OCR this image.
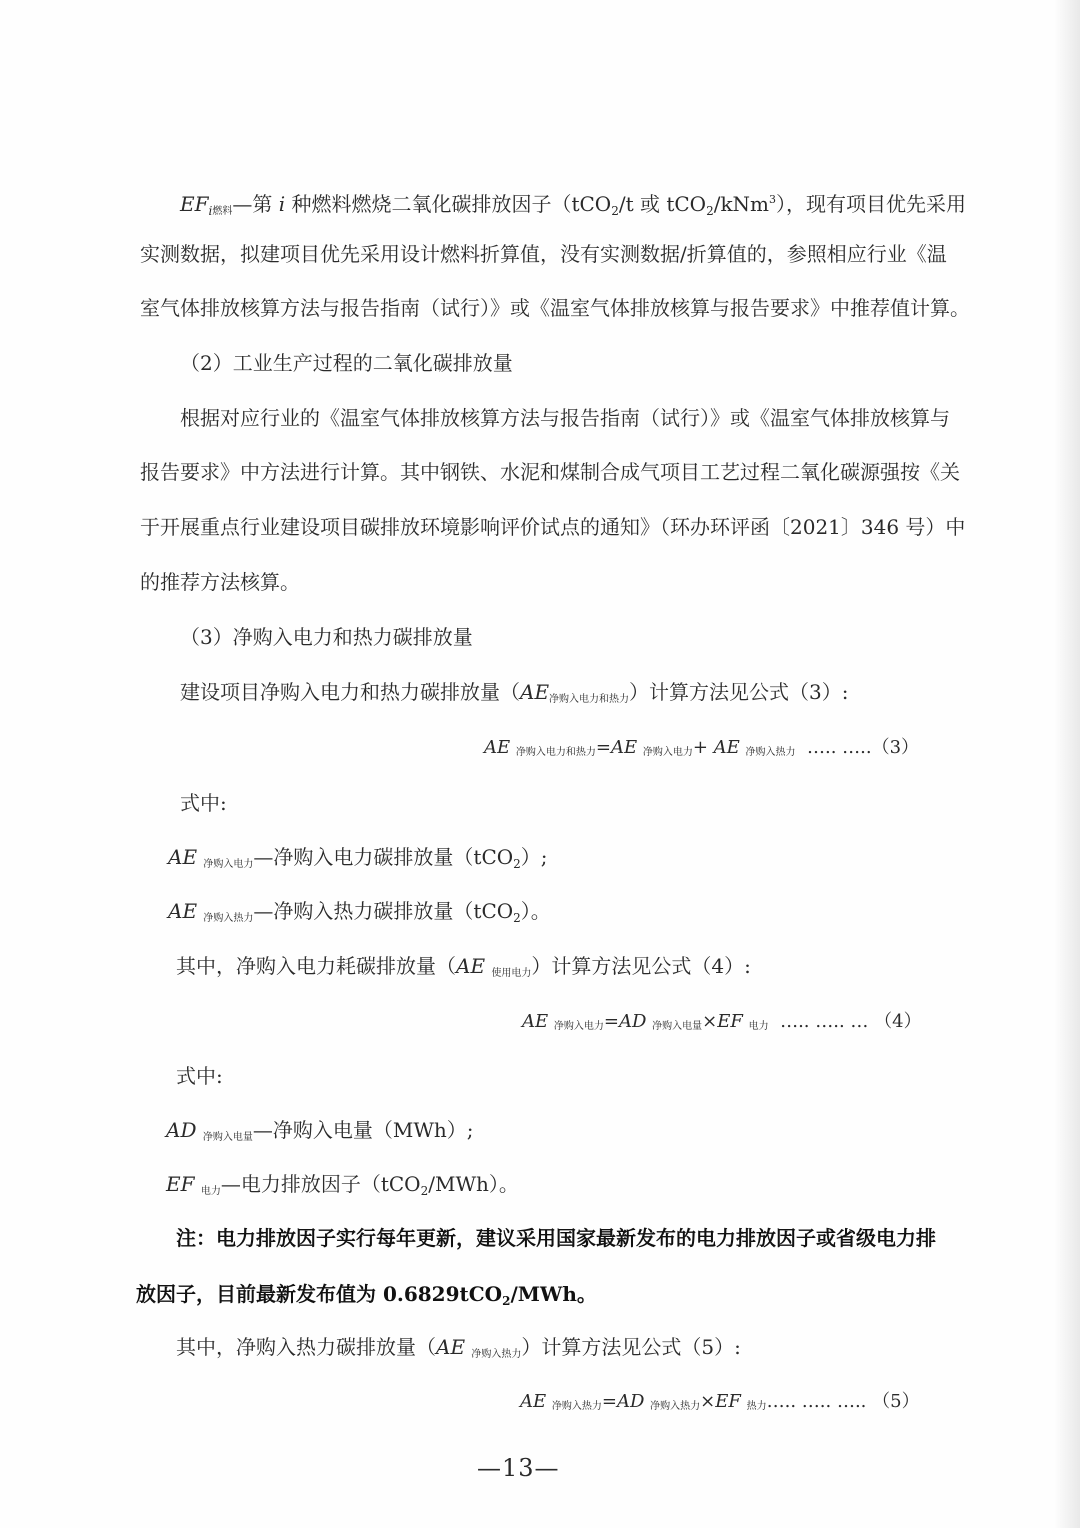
$EF_{i燃料}—$第 i 种燃料燃烧二氧化碳排放因子（tCO$_2$/t 或 tCO$_2$/kNm$^3$），现有项目优先采用

实测数据，拟建项目优先采用设计燃料折算值，没有实测数据/折算值的，参照相应行业《温

室气体排放核算方法与报告指南（试行）》或《温室气体排放核算与报告要求》中推荐值计算。

（2）工业生产过程的二氧化碳排放量

根据对应行业的《温室气体排放核算方法与报告指南（试行）》或《温室气体排放核算与

报告要求》中方法进行计算。其中钢铁、水泥和煤制合成气项目工艺过程二氧化碳源强按《关

于开展重点行业建设项目碳排放环境影响评价试点的通知》（环办环评函〔2021〕346 号）中

的推荐方法核算。

（3）净购入电力和热力碳排放量

建设项目净购入电力和热力碳排放量$(AE_{净购入电力和热力})$计算方法见公式（3）:

AE $_{净购入电力和热力}$=AE $_{净购入电力}$+ AE $_{净购入热力}$ ….. …..（3）

式中:

AE $_{净购入电力}$—净购入电力碳排放量（tCO$_2$）;

AE $_{净购入热力}$—净购入热力碳排放量（tCO$_2$）。

其中，净购入电力耗碳排放量（AE $_{使用电力}$）计算方法见公式（4）:

AE $_{净购入电力}$=AD $_{净购入电量}$×EF $_{电力}$ ….. ….. … （4）

式中:

AD $_{净购入电量}$—净购入电量（MWh）;

EF $_{电力}$—电力排放因子（tCO$_2$/MWh）。

注：电力排放因子实行每年更新，建议采用国家最新发布的电力排放因子或省级电力排

放因子，目前最新发布值为 0.6829tCO$_2$/MWh。

其中，净购入热力碳排放量（AE $_{净购入热力}$）计算方法见公式（5）:

AE $_{净购入热力}$=AD $_{净购入热力}$×EF $_{热力}$….. ….. ….. （5）

—13—
